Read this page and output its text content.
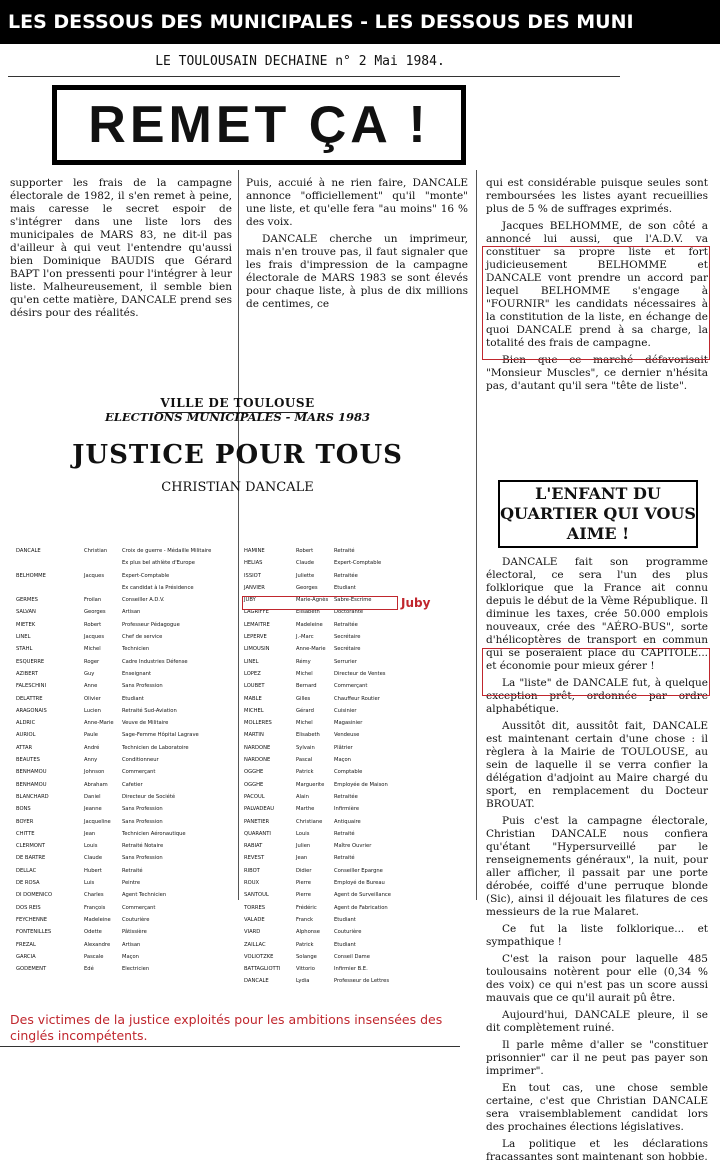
LES DESSOUS DES MUNICIPALES - LES DESSOUS DES MUNI
LE TOULOUSAIN DECHAINE n° 2 Mai 1984.
REMET ÇA !

supporter les frais de la campagne électorale de 1982, il s'en remet à peine, mais caresse le secret espoir de s'intégrer dans une liste lors des municipales de MARS 83, ne dit-il pas d'ailleur à qui veut l'entendre qu'aussi bien Dominique BAUDIS que Gérard BAPT l'on pressenti pour l'intégrer à leur liste. Malheureusement, il semble bien qu'en cette matière, DANCALE prend ses désirs pour des réalités.

Puis, accuié à ne rien faire, DANCALE annonce "officiellement" qu'il "monte" une liste, et qu'elle fera "au moins" 16 % des voix.

DANCALE cherche un imprimeur, mais n'en trouve pas, il faut signaler que les frais d'impression de la campagne électorale de MARS 1983 se sont élevés pour chaque liste, à plus de dix millions de centimes, ce

qui est considérable puisque seules sont remboursées les listes ayant recueillies plus de 5 % de suffrages exprimés.

Jacques BELHOMME, de son côté a annoncé lui aussi, que l'A.D.V. va constituer sa propre liste et fort judicieusement BELHOMME et DANCALE vont prendre un accord par lequel BELHOMME s'engage à "FOURNIR" les candidats nécessaires à la constitution de la liste, en échange de quoi DANCALE prend à sa charge, la totalité des frais de campagne.

Bien que ce marché défavorisait "Monsieur Muscles", ce dernier n'hésita pas, d'autant qu'il sera "tête de liste".

L'ENFANT DU QUARTIER QUI VOUS AIME !

DANCALE fait son programme électoral, ce sera l'un des plus folklorique que la France ait connu depuis le début de la Vème République. Il diminue les taxes, crée 50.000 emplois nouveaux, crée des "AÉRO-BUS", sorte d'hélicoptères de transport en commun qui se poseraient place du CAPITOLE... et économie pour mieux gérer !

La "liste" de DANCALE fut, à quelque exception prêt, ordonnée par ordre alphabétique.

Aussitôt dit, aussitôt fait, DANCALE est maintenant certain d'une chose : il règlera à la Mairie de TOULOUSE, au sein de laquelle il se verra confier la délégation d'adjoint au Maire chargé du sport, en remplacement du Docteur BROUAT.

Puis c'est la campagne électorale, Christian DANCALE nous confiera qu'étant "Hypersurveillé par le renseignements généraux", la nuit, pour aller afficher, il passait par une porte dérobée, coiffé d'une perruque blonde (Sic), ainsi il déjouait les filatures de ces messieurs de la rue Malaret.

Ce fut la liste folklorique... et sympathique !

C'est la raison pour laquelle 485 toulousains notèrent pour elle (0,34 % des voix) ce qui n'est pas un score aussi mauvais que ce qu'il aurait pû être.

Aujourd'hui, DANCALE pleure, il se dit complètement ruiné.

Il parle même d'aller se "constituer prisonnier" car il ne peut pas payer son imprimer".

En tout cas, une chose semble certaine, c'est que Christian DANCALE sera vraisemblablement candidat lors des prochaines élections législatives.

La politique et les déclarations fracassantes sont maintenant son hobbie.

VILLE DE TOULOUSE
ELECTIONS MUNICIPALES - MARS 1983
JUSTICE POUR TOUS
CHRISTIAN DANCALE
DANCALE	Christian	Croix de guerre - Médaille Militaire
Ex plus bel athlète d'Europe
BELHOMME	Jacques	Expert-Comptable
Ex candidat à la Présidence
GERMES	Froilan	Conseiller A.D.V.
SALVAN	Georges	Artisan
MIETEK	Robert	Professeur Pédagogue
LINEL	Jacques	Chef de service
STAHL	Michel	Technicien
ESQUERRE	Roger	Cadre Industries Défense
AZIBERT	Guy	Enseignant
FALESCHINI	Anne	Sans Profession
DELATTRE	Olivier	Etudiant
ARAGONAIS	Lucien	Retraité Sud-Aviation
ALDRIC	Anne-Marie	Veuve de Militaire
AURIOL	Paule	Sage-Femme Hôpital Lagrave
ATTAR	André	Technicien de Laboratoire
BEAUTES	Anny	Conditionneur
BENHAMOU	Johnson	Commerçant
BENHAMOU	Abraham	Cafetier
BLANCHARD	Daniel	Directeur de Société
BONS	Jeanne	Sans Profession
BOYER	Jacqueline	Sans Profession
CHITTE	Jean	Technicien Aéronautique
CLERMONT	Louis	Retraité Notaire
DE BARTRE	Claude	Sans Profession
DELLAC	Hubert	Retraité
DE ROSA	Luis	Peintre
DI DOMENICO	Charles	Agent Technicien
DOS REIS	François	Commerçant
FEYCHENNE	Madeleine	Couturière
FONTENILLES	Odette	Pâtissière
FREZAL	Alexandre	Artisan
GARCIA	Pascale	Maçon
GODEMENT	Edé	Electricien
HAMINE	Robert	Retraité
HELIAS	Claude	Expert-Comptable
ISSIOT	Juliette	Retraitée
JANVIER	Georges	Etudiant
JUBY	Marie-Agnès	Sabre-Escrime
LAGRIFFE	Elisabeth	Doctorante
LEMAITRE	Madeleine	Retraitée
LEPERVE	J.-Marc	Secrétaire
LIMOUSIN	Anne-Marie	Secrétaire
LINEL	Rémy	Serrurier
LOPEZ	Michel	Directeur de Ventes
LOUBET	Bernard	Commerçant
MABLE	Gilles	Chauffeur Routier
MICHEL	Gérard	Cuisinier
MOLLERES	Michel	Magasinier
MARTIN	Elisabeth	Vendeuse
NARDONE	Sylvain	Plâtrier
NARDONE	Pascal	Maçon
OGGHE	Patrick	Comptable
OGGHE	Marguerite	Employée de Maison
PACOUL	Alain	Retraitée
PALVADEAU	Marthe	Infirmière
PANETIER	Christiane	Antiquaire
QUARANTI	Louis	Retraité
RABIAT	Julien	Maître Ouvrier
REVEST	Jean	Retraité
RIBOT	Didier	Conseiller Epargne
ROUX	Pierre	Employé de Bureau
SANTOUL	Pierre	Agent de Surveillance
TORRES	Frédéric	Agent de Fabrication
VALADE	Franck	Etudiant
VIARD	Alphonse	Couturière
ZAILLAC	Patrick	Etudiant
VOLIOTZKE	Solange	Conseil Dame
BATTAGLIOTTI	Vittorio	Infirmier B.E.
DANCALE	Lydia	Professeur de Lettres
Juby
Des victimes de la justice exploités pour les ambitions insensées des cinglés incompétents.
